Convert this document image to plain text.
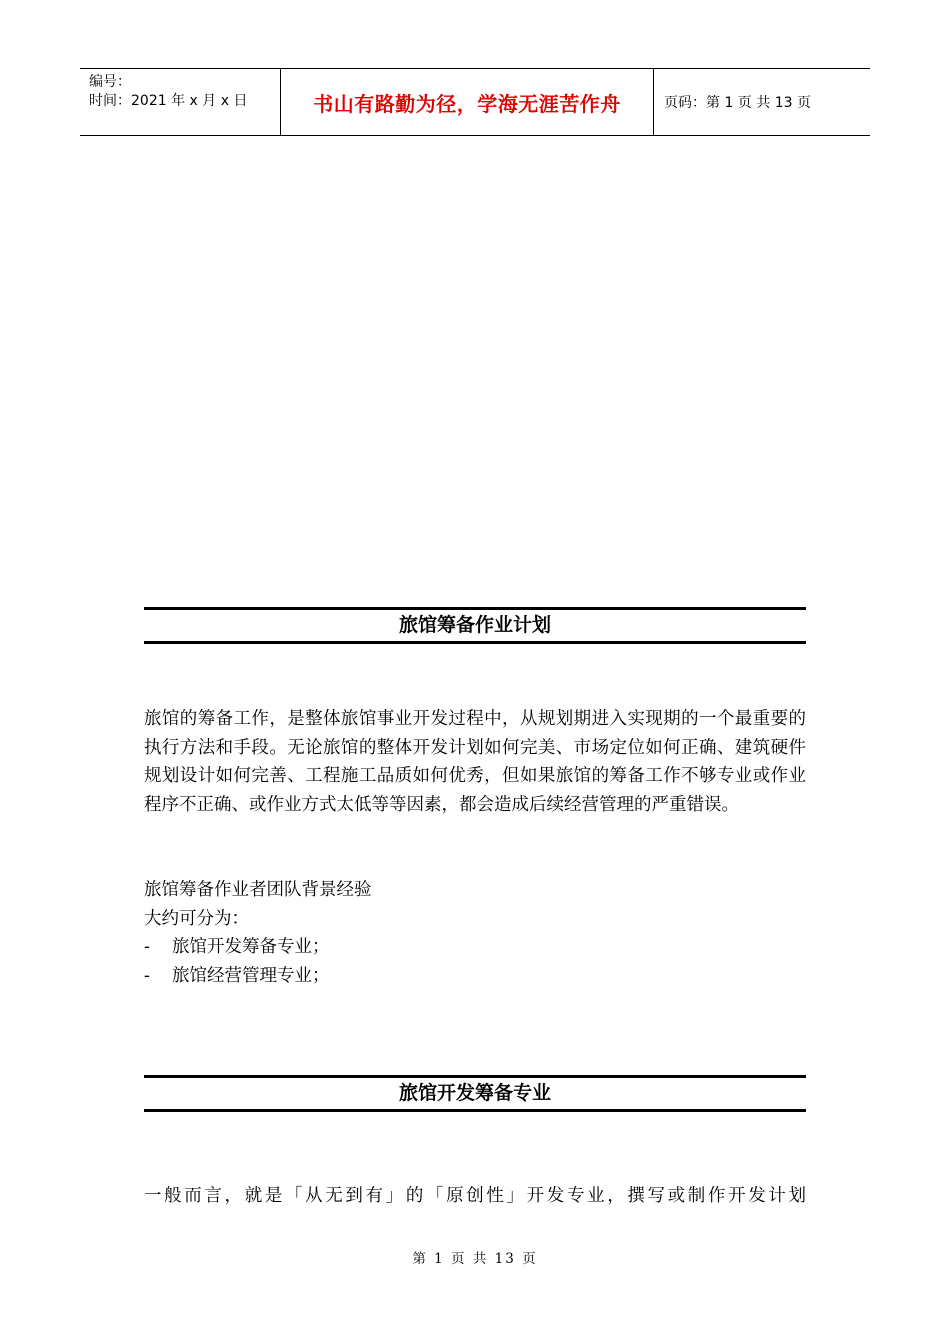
编号：
时间：2021 年 x 月 x 日	书山有路勤为径，学海无涯苦作舟	页码：第 1 页 共 13 页
旅馆筹备作业计划
旅馆的筹备工作，是整体旅馆事业开发过程中，从规划期进入实现期的一个最重要的执行方法和手段。无论旅馆的整体开发计划如何完美、市场定位如何正确、建筑硬件规划设计如何完善、工程施工品质如何优秀，但如果旅馆的筹备工作不够专业或作业程序不正确、或作业方式太低等等因素，都会造成后续经营管理的严重错误。
旅馆筹备作业者团队背景经验
大约可分为：
-	旅馆开发筹备专业；
-	旅馆经营管理专业；
旅馆开发筹备专业
一般而言，就是「从无到有」的「原创性」开发专业，撰写或制作开发计划
第 1 页 共 13 页
